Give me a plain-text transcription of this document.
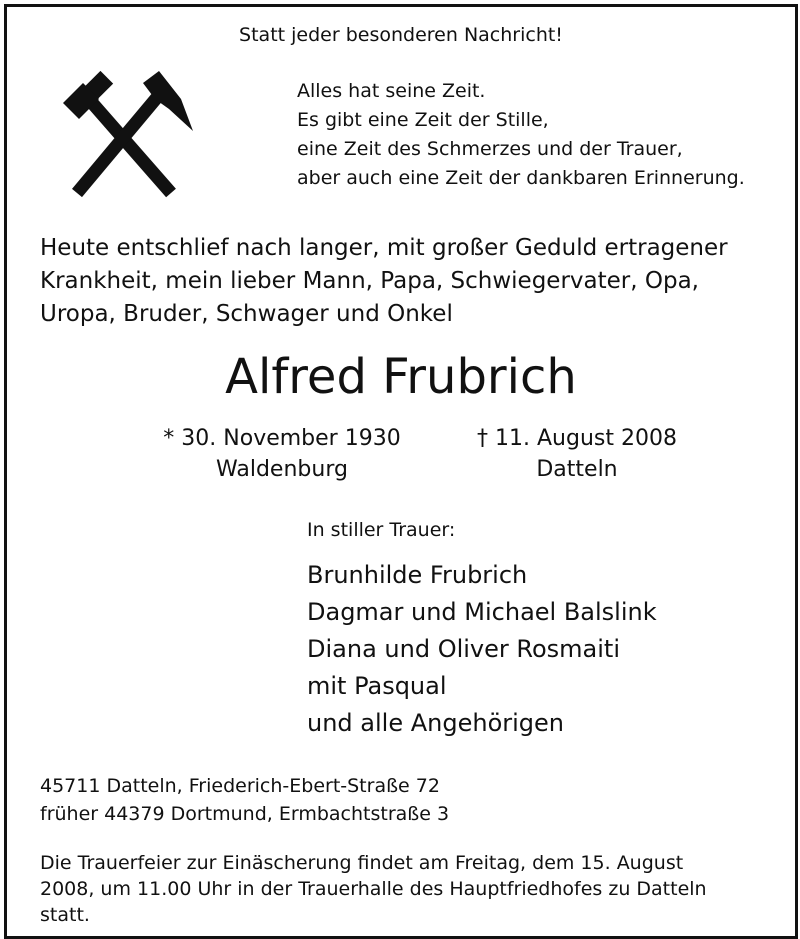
Statt jeder besonderen Nachricht!

Alles hat seine Zeit.
Es gibt eine Zeit der Stille,
eine Zeit des Schmerzes und der Trauer,
aber auch eine Zeit der dankbaren Erinnerung.
Heute entschlief nach langer, mit großer Geduld ertragener
Krankheit, mein lieber Mann, Papa, Schwiegervater, Opa,
Uropa, Bruder, Schwager und Onkel

Alfred Frubrich

* 30. November 1930
Waldenburg
† 11. August 2008
Datteln

In stiller Trauer:

Brunhilde Frubrich
Dagmar und Michael Balslink
Diana und Oliver Rosmaiti
mit Pasqual
und alle Angehörigen
45711 Datteln, Friederich-Ebert-Straße 72
früher 44379 Dortmund, Ermbachtstraße 3
Die Trauerfeier zur Einäscherung findet am Freitag, dem 15. August
2008, um 11.00 Uhr in der Trauerhalle des Hauptfriedhofes zu Datteln
statt.
